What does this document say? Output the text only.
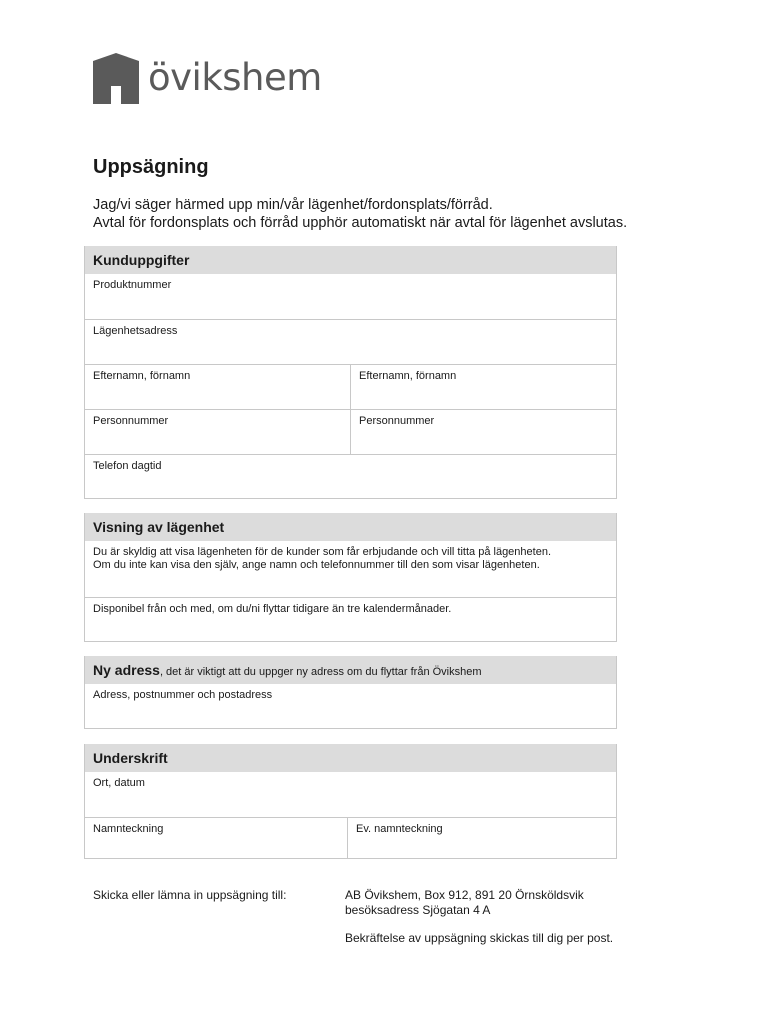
övikshem
Uppsägning
Jag/vi säger härmed upp min/vår lägenhet/fordonsplats/förråd.
Avtal för fordonsplats och förråd upphör automatiskt när avtal för lägenhet avslutas.
Kunduppgifter
Produktnummer
Lägenhetsadress
Efternamn, förnamn	Efternamn, förnamn
Personnummer	Personnummer
Telefon dagtid
Visning av lägenhet
Du är skyldig att visa lägenheten för de kunder som får erbjudande och vill titta på lägenheten.
Om du inte kan visa den själv, ange namn och telefonnummer till den som visar lägenheten.
Disponibel från och med, om du/ni flyttar tidigare än tre kalendermånader.
Ny adress, det är viktigt att du uppger ny adress om du flyttar från Övikshem
Adress, postnummer och postadress
Underskrift
Ort, datum
Namnteckning	Ev. namnteckning
Skicka eller lämna in uppsägning till:	AB Övikshem, Box 912, 891 20 Örnsköldsvik
besöksadress Sjögatan 4 A
Bekräftelse av uppsägning skickas till dig per post.
